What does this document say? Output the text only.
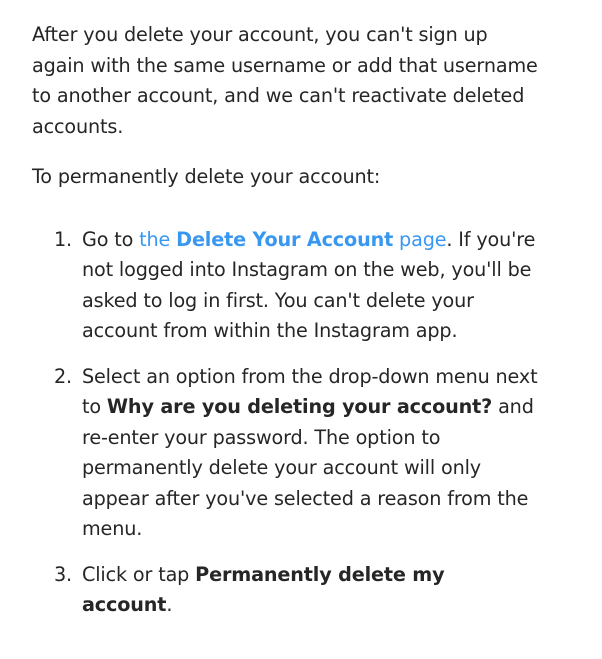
After you delete your account, you can't sign up again with the same username or add that username to another account, and we can't reactivate deleted accounts.

To permanently delete your account:

1. Go to the Delete Your Account page. If you're not logged into Instagram on the web, you'll be asked to log in first. You can't delete your account from within the Instagram app.
2. Select an option from the drop-down menu next to Why are you deleting your account? and re-enter your password. The option to permanently delete your account will only appear after you've selected a reason from the menu.
3. Click or tap Permanently delete my account.
